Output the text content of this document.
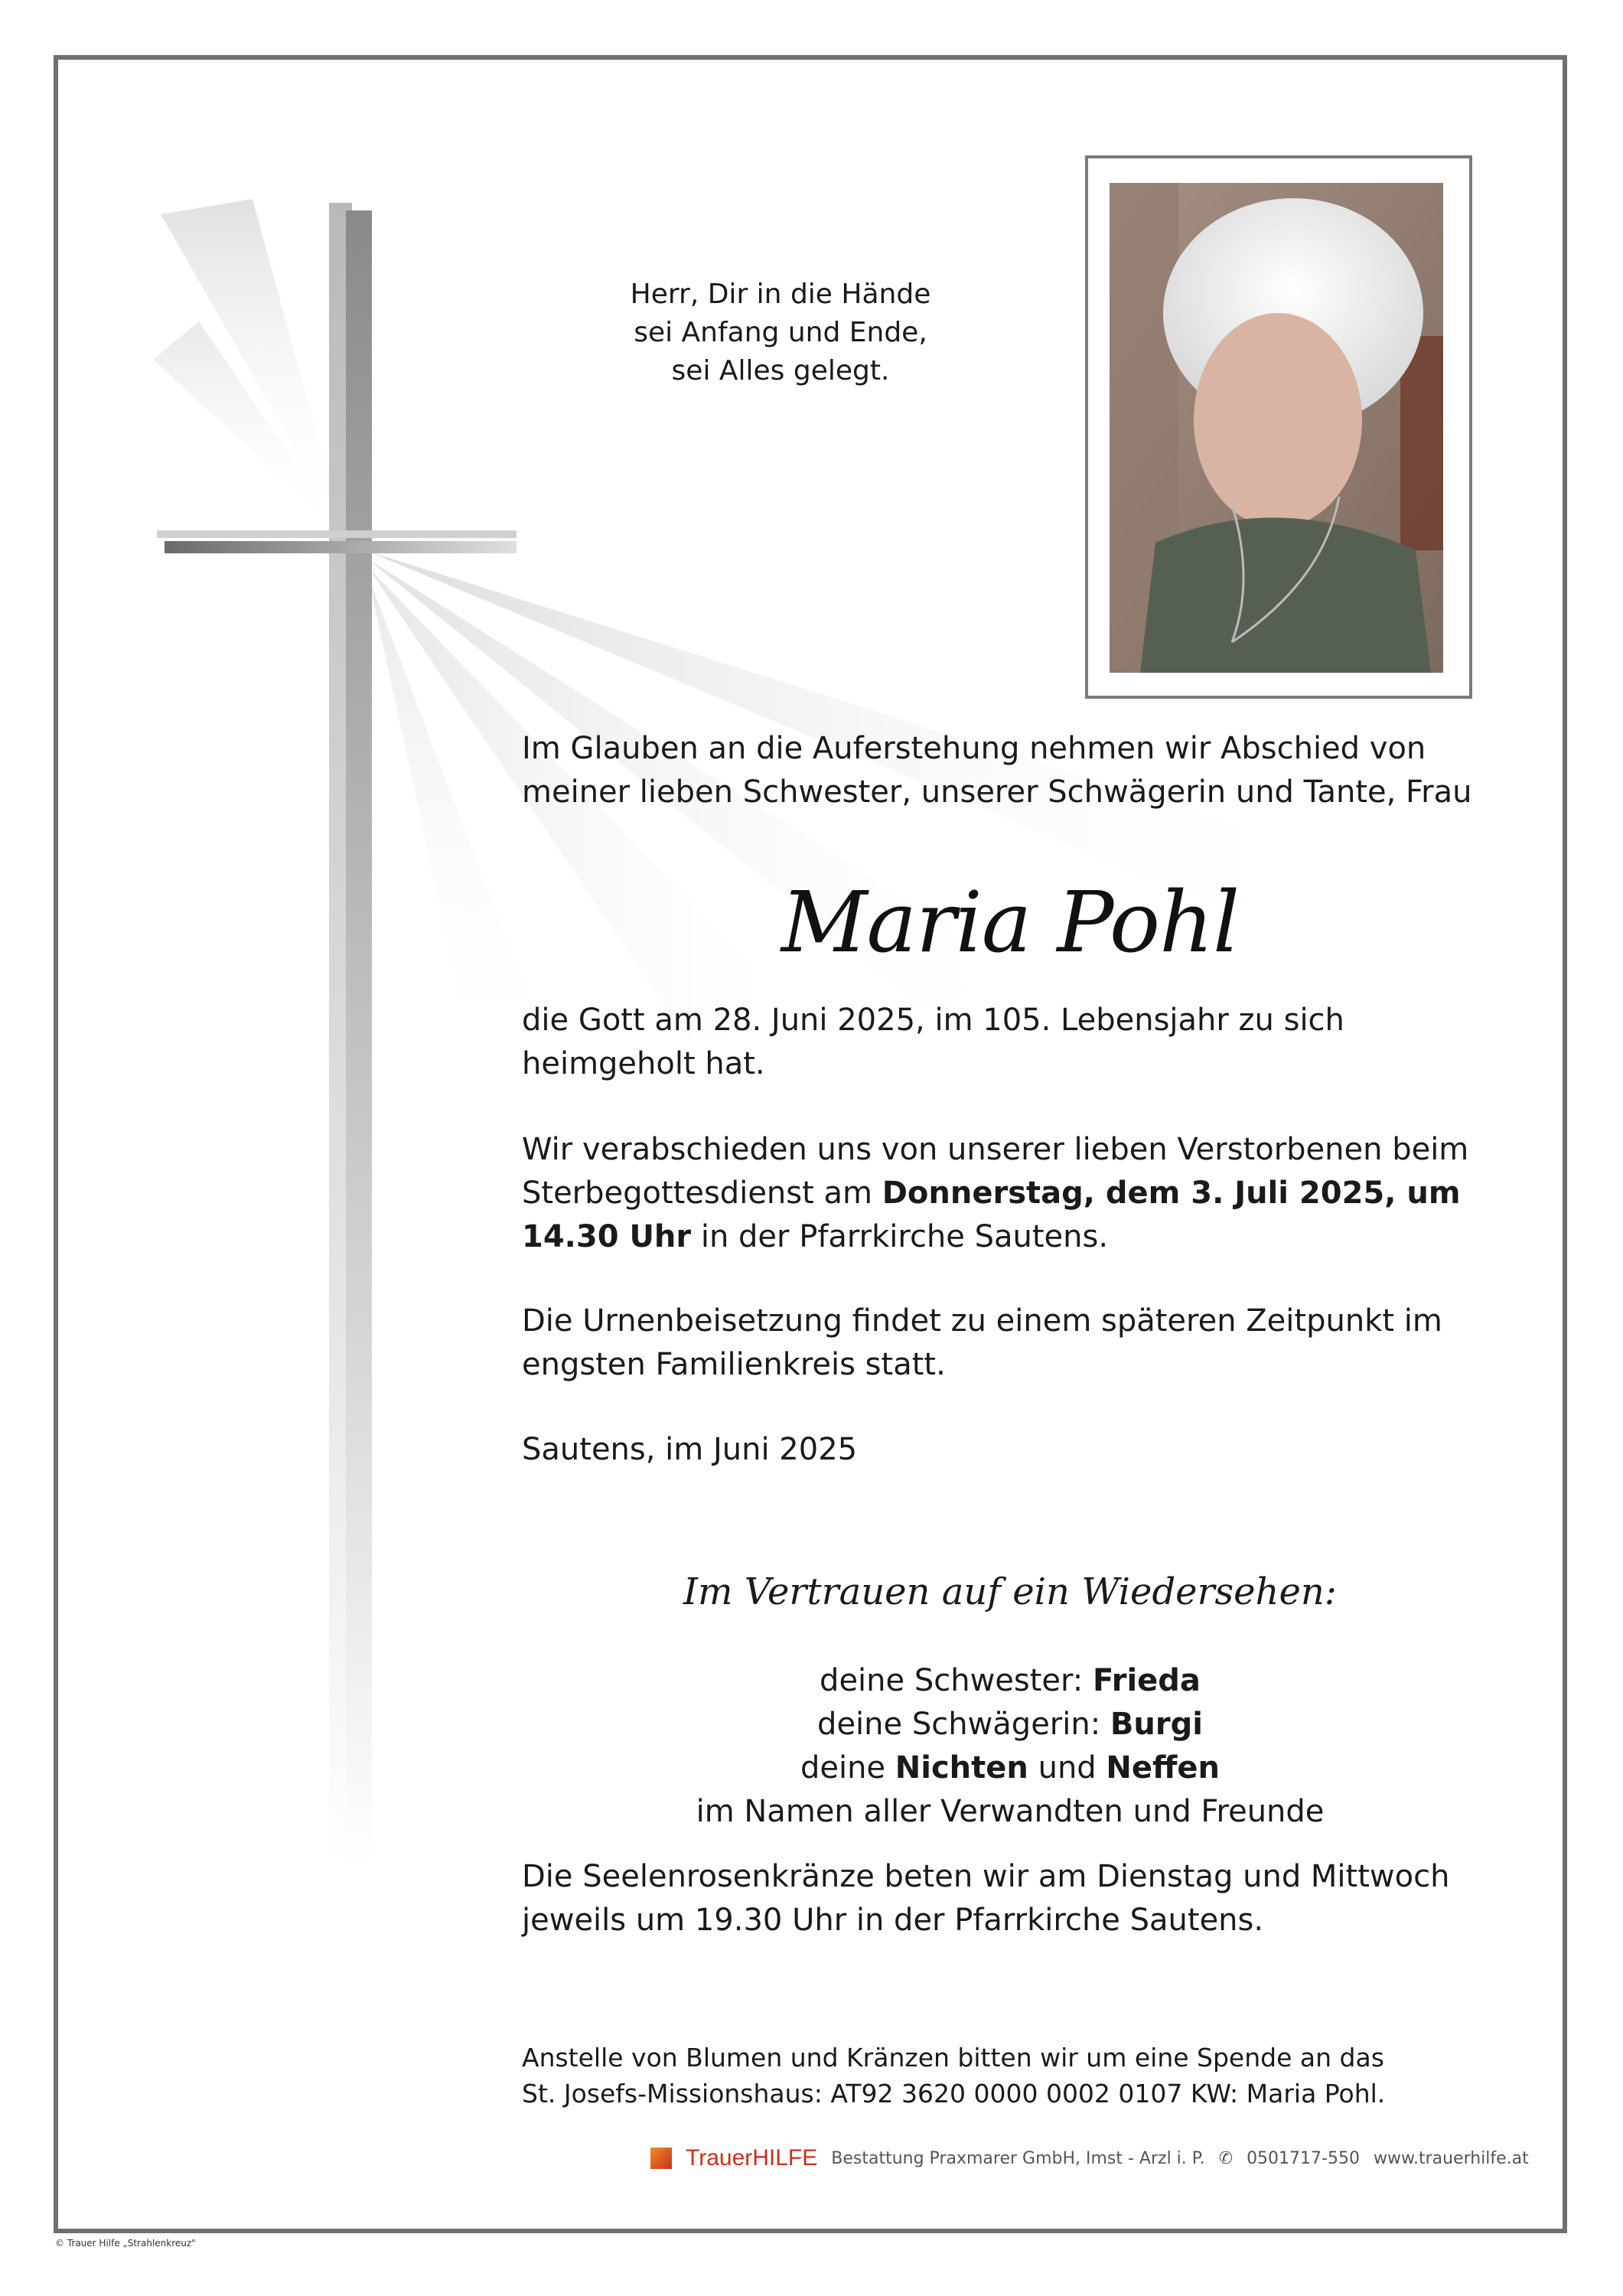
Herr, Dir in die Hände
sei Anfang und Ende,
sei Alles gelegt.
Im Glauben an die Auferstehung nehmen wir Abschied von
meiner lieben Schwester, unserer Schwägerin und Tante, Frau
Maria Pohl
die Gott am 28. Juni 2025, im 105. Lebensjahr zu sich
heimgeholt hat.
Wir verabschieden uns von unserer lieben Verstorbenen beim
Sterbegottesdienst am Donnerstag, dem 3. Juli 2025, um
14.30 Uhr in der Pfarrkirche Sautens.
Die Urnenbeisetzung findet zu einem späteren Zeitpunkt im
engsten Familienkreis statt.
Sautens, im Juni 2025
Im Vertrauen auf ein Wiedersehen:
deine Schwester: Frieda
deine Schwägerin: Burgi
deine Nichten und Neffen
im Namen aller Verwandten und Freunde
Die Seelenrosenkränze beten wir am Dienstag und Mittwoch
jeweils um 19.30 Uhr in der Pfarrkirche Sautens.
Anstelle von Blumen und Kränzen bitten wir um eine Spende an das
St. Josefs-Missionshaus: AT92 3620 0000 0002 0107 KW: Maria Pohl.
TrauerHILFE Bestattung Praxmarer GmbH, Imst - Arzl i. P. ✆ 0501717-550 www.trauerhilfe.at
© Trauer Hilfe „Strahlenkreuz"
